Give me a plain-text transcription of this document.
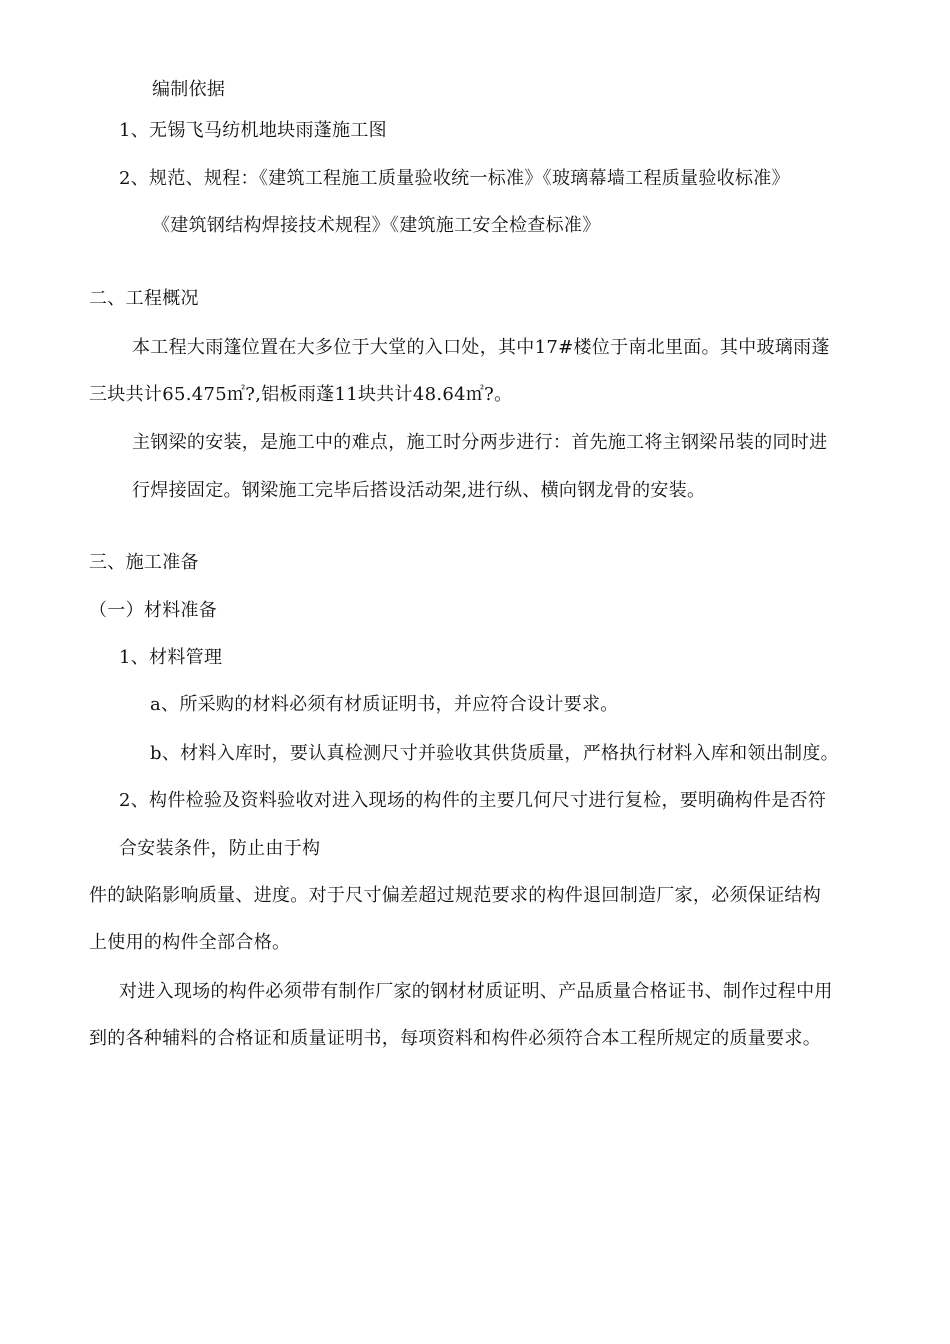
编制依据
1、无锡飞马纺机地块雨蓬施工图
2、规范、规程：《建筑工程施工质量验收统一标准》《玻璃幕墙工程质量验收标准》
《建筑钢结构焊接技术规程》《建筑施工安全检查标准》
二、工程概况
本工程大雨篷位置在大多位于大堂的入口处，其中17#楼位于南北里面。其中玻璃雨蓬
三块共计65.475㎡?,铝板雨蓬11块共计48.64㎡?。
主钢梁的安装，是施工中的难点，施工时分两步进行：首先施工将主钢梁吊装的同时进
行焊接固定。钢梁施工完毕后搭设活动架,进行纵、横向钢龙骨的安装。
三、施工准备
（一）材料准备
1、材料管理
a、所采购的材料必须有材质证明书，并应符合设计要求。
b、材料入库时，要认真检测尺寸并验收其供货质量，严格执行材料入库和领出制度。
2、构件检验及资料验收对进入现场的构件的主要几何尺寸进行复检，要明确构件是否符
合安装条件，防止由于构
件的缺陷影响质量、进度。对于尺寸偏差超过规范要求的构件退回制造厂家，必须保证结构
上使用的构件全部合格。
对进入现场的构件必须带有制作厂家的钢材材质证明、产品质量合格证书、制作过程中用
到的各种辅料的合格证和质量证明书，每项资料和构件必须符合本工程所规定的质量要求。
